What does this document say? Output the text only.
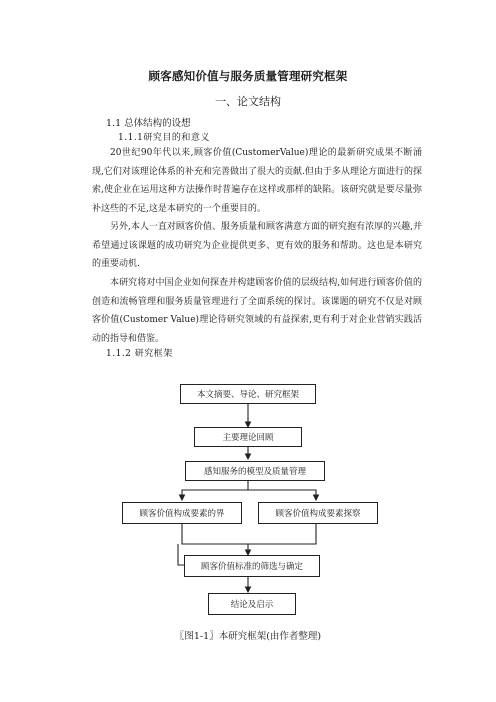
顾客感知价值与服务质量管理研究框架
一、论文结构
1.1 总体结构的设想
1.1.1研究目的和意义

20世纪90年代以来,顾客价值(CustomerValue)理论的最新研究成果不断涌现,它们对该理论体系的补充和完善做出了很大的贡献.但由于多从理论方面进行的探索,使企业在运用这种方法操作时普遍存在这样或那样的缺陷。该研究就是要尽量弥补这些的不足,这是本研究的一个重要目的。

另外,本人一直对顾客价值、服务质量和顾客满意方面的研究抱有浓厚的兴趣,并希望通过该课题的成功研究为企业提供更多、更有效的服务和帮助。这也是本研究的重要动机.

本研究将对中国企业如何探查并构建顾客价值的层级结构,如何进行顾客价值的创造和流畅管理和服务质量管理进行了全面系统的探讨。该课题的研究不仅是对顾客价值(Customer Value)理论待研究领域的有益探索,更有利于对企业营销实践活动的指导和借鉴。

1.1.2 研究框架
本文摘要、导论、研究框架
主要理论回顾
感知服务的模型及质量管理
顾客价值构成要素的界	顾客价值构成要素探察
顾客价值标准的筛选与确定
结论及启示
〖图1-1〗本研究框架(由作者整理)
